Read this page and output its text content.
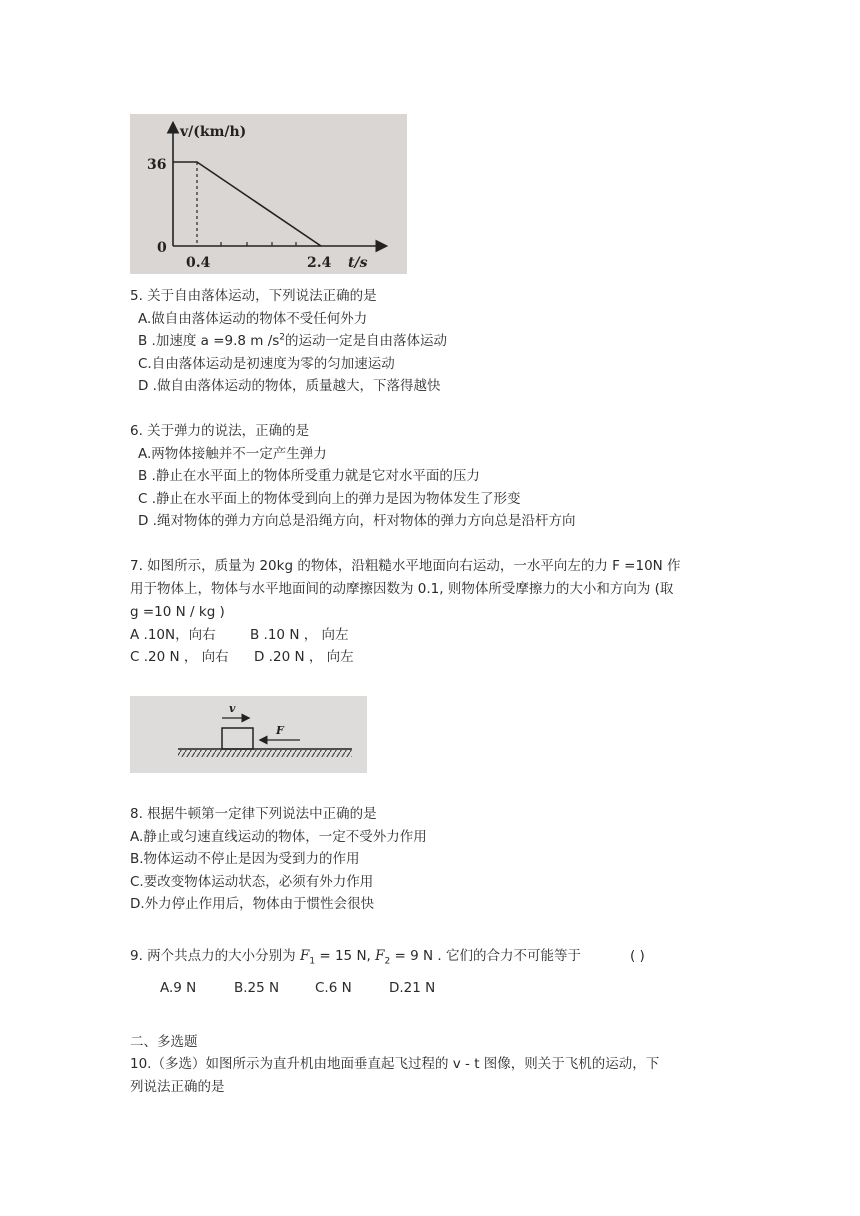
v/(km/h)
36
0
0.4	2.4 t/s
5. 关于自由落体运动，下列说法正确的是
A.做自由落体运动的物体不受任何外力
B .加速度 a =9.8 m $/s^2$的运动一定是自由落体运动
C.自由落体运动是初速度为零的匀加速运动
D .做自由落体运动的物体，质量越大，下落得越快
6. 关于弹力的说法，正确的是
A.两物体接触并不一定产生弹力
B .静止在水平面上的物体所受重力就是它对水平面的压力
C .静止在水平面上的物体受到向上的弹力是因为物体发生了形变
D .绳对物体的弹力方向总是沿绳方向，杆对物体的弹力方向总是沿杆方向
7. 如图所示，质量为 20kg 的物体，沿粗糙水平地面向右运动，一水平向左的力 F =10N 作
用于物体上，物体与水平地面间的动摩擦因数为 0.1, 则物体所受摩擦力的大小和方向为 (取
g =10 N / kg )
A .10N，向右	B .10 N ， 向左
C .20 N ， 向右 D .20 N ， 向左
v
F
8. 根据牛顿第一定律下列说法中正确的是
A.静止或匀速直线运动的物体，一定不受外力作用
B.物体运动不停止是因为受到力的作用
C.要改变物体运动状态，必须有外力作用
D.外力停止作用后，物体由于惯性会很快
9. 两个共点力的大小分别为 $F_1 = 15$ N, $F_2 = 9$ N . 它们的合力不可能等于	( )
A.9 N	B.25 N	C.6 N	D.21 N
二、多选题
10.（多选）如图所示为直升机由地面垂直起飞过程的 v - t 图像，则关于飞机的运动，下
列说法正确的是
